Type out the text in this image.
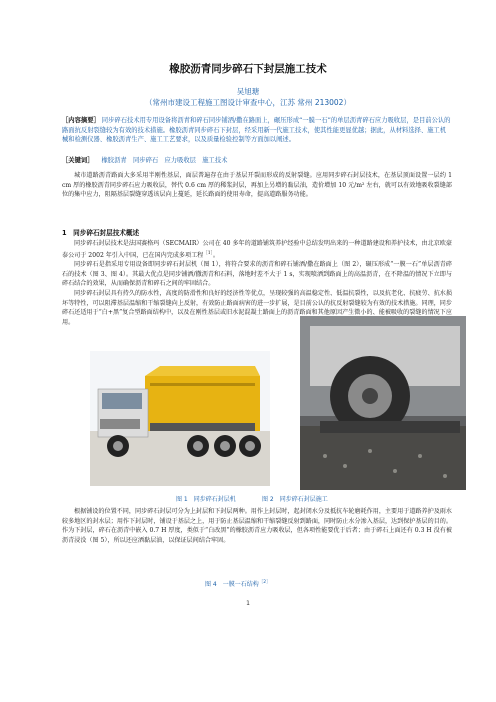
橡胶沥青同步碎石下封层施工技术
吴旭瑭
（常州市建设工程施工图设计审查中心，江苏 常州 213002）
［内容摘要］ 同步碎石技术用专用设备将沥青和碎石同步铺洒/撒在路面上，碾压形成“一膜一石”的单层沥青碎石应力吸收层，是目前公认的路面抗反射裂缝较为有效的技术措施。橡胶沥青同步碎石下封层，经采用新一代施工技术，使其性能更显优越；据此，从材料选择、施工机械和检测仪器、橡胶沥青生产、施工工艺要求，以及质量检验控制等方面加以阐述。
［关键词］ 橡胶沥青　同步碎石　应力吸收层　施工技术

城市道路沥青路面大多采用半刚性基层，面层普遍存在由于基层开裂而形成的反射裂缝。应用同步碎石封层技术，在基层顶面设置一层约 1 cm 厚的橡胶沥青同步碎石应力吸收层，替代 0.6 cm 厚的稀浆封层，再加上另增的黏层油，造价增加 10 元/m² 左右，就可以有效地吸收裂缝部位的集中应力，阻隔基层裂缝穿透该层向上蔓延，延长路面的使用寿命，提高道路服务功能。

1　同步碎石封层技术概述

同步碎石封层技术是法国赛格玛（SECMAIR）公司在 40 多年的道路铺筑养护经验中总结发明出来的一种道路建设和养护技术，由北京欧豪泰公司于 2002 年引入中国，已在国内完成多项工程$^{[1]}$。

同步碎石是指采用专用设备即同步碎石封层机（图 1），将符合要求的沥青和碎石铺洒/撒在路面上（图 2），碾压形成“一膜一石”单层沥青碎石的技术（图 3、图 4）。其最大优点是同步铺洒/撒沥青和石料，落地时差不大于 1 s，实现喷洒到路面上的高温沥青，在不降温的情况下立即与碎石结合的效果，从而确保沥青和碎石之间的牢固结合。

同步碎石封层具有持久的防水性，高度的防滑性和良好的经济性等优点，呈现较强的高温稳定性、低温抗裂性，以及抗老化、抗疲劳、抗水损坏等特性，可以阻滞基层温缩和干缩裂缝向上反射，有效防止路面病害的进一步扩展，是目前公认的抗反射裂缝较为有效的技术措施。同理，同步碎石还适用于“白+黑”复合型路面结构中，以及在刚性基层或旧水泥混凝土路面上的沥青路面和其他原因产生微小的、能被吸收的裂缝的情况下应用。

图 1　同步碎石封层机	图 2　同步碎石封层施工

根据铺设的位置不同，同步碎石封层可分为上封层和下封层两种。用作上封层时，起封闭水分及抵抗车轮磨耗作用，主要用于道路养护及雨水较多地区的封水层；用作下封层时，铺设于基层之上，用于防止基层温缩和干缩裂缝反射到路面，同时防止水分渗入基层，达到保护基层的目的。作为下封层，碎石在沥青中嵌入 0.7 H 厚度，类似于“白改黑”的橡胶沥青应力吸收层，但各项性能要优于后者；由于碎石上面还有 0.3 H 没有被沥青浸没（图 5），所以还应洒黏层油，以保证层间结合牢固。

图 4　一膜一石结构$^{[2]}$
1
